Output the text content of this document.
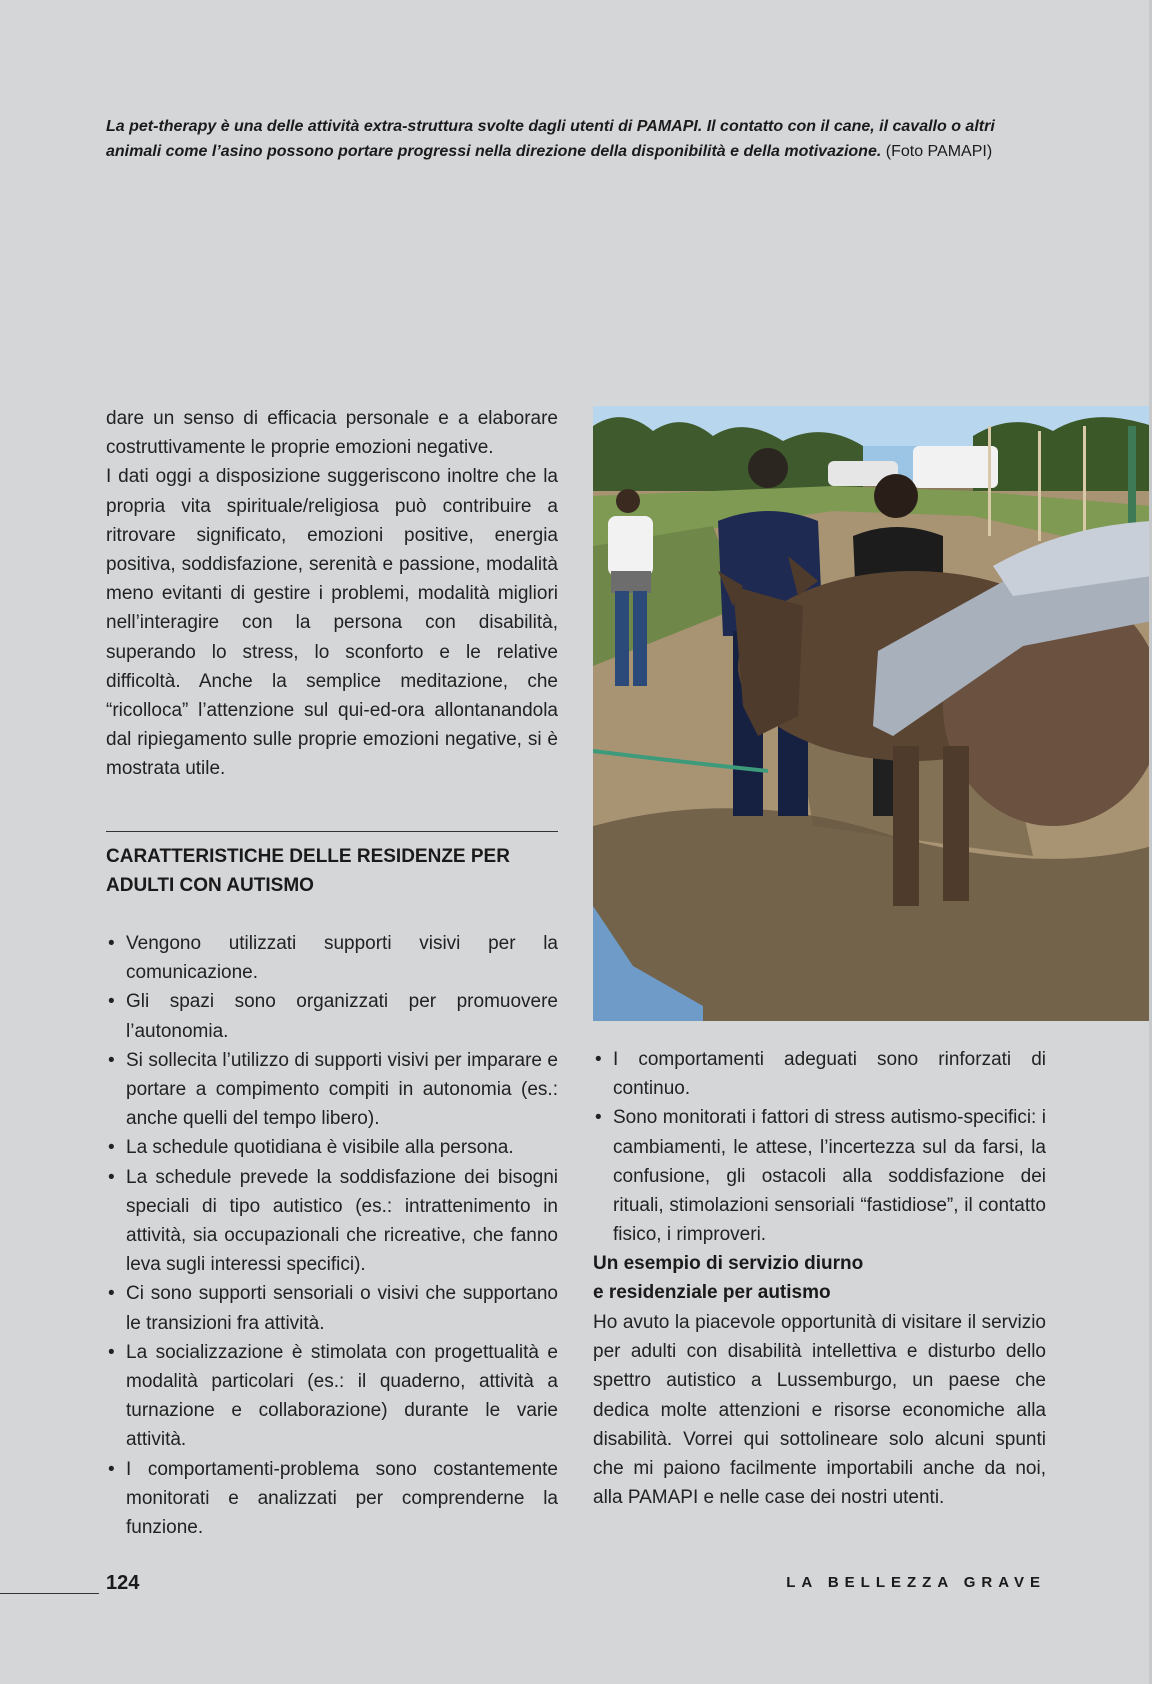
La pet-therapy è una delle attività extra-struttura svolte dagli utenti di PAMAPI. Il contatto con il cane, il cavallo o altri animali come l’asino possono portare progressi nella direzione della disponibilità e della motivazione. (Foto PAMAPI)

dare un senso di efficacia personale e a elaborare costruttivamente le proprie emozioni negative.

I dati oggi a disposizione suggeriscono inoltre che la propria vita spirituale/religiosa può contribuire a ritrovare significato, emozioni positive, energia positiva, soddisfazione, serenità e passione, modalità meno evitanti di gestire i problemi, modalità migliori nell’interagire con la persona con disabilità, superando lo stress, lo sconforto e le relative difficoltà. Anche la semplice meditazione, che “ricolloca” l’attenzione sul qui-ed-ora allontanandola dal ripiegamento sulle proprie emozioni negative, si è mostrata utile.

CARATTERISTICHE DELLE RESIDENZE PER ADULTI CON AUTISMO
• Vengono utilizzati supporti visivi per la comunicazione.
• Gli spazi sono organizzati per promuovere l’autonomia.
• Si sollecita l’utilizzo di supporti visivi per imparare e portare a compimento compiti in autonomia (es.: anche quelli del tempo libero).
• La schedule quotidiana è visibile alla persona.
• La schedule prevede la soddisfazione dei bisogni speciali di tipo autistico (es.: intrattenimento in attività, sia occupazionali che ricreative, che fanno leva sugli interessi specifici).
• Ci sono supporti sensoriali o visivi che supportano le transizioni fra attività.
• La socializzazione è stimolata con progettualità e modalità particolari (es.: il quaderno, attività a turnazione e collaborazione) durante le varie attività.
• I comportamenti-problema sono costantemente monitorati e analizzati per comprenderne la funzione.
• I comportamenti adeguati sono rinforzati di continuo.
• Sono monitorati i fattori di stress autismo-specifici: i cambiamenti, le attese, l’incertezza sul da farsi, la confusione, gli ostacoli alla soddisfazione dei rituali, stimolazioni sensoriali “fastidiose”, il contatto fisico, i rimproveri.
Un esempio di servizio diurno
e residenziale per autismo

Ho avuto la piacevole opportunità di visitare il servizio per adulti con disabilità intellettiva e disturbo dello spettro autistico a Lussemburgo, un paese che dedica molte attenzioni e risorse economiche alla disabilità. Vorrei qui sottolineare solo alcuni spunti che mi paiono facilmente importabili anche da noi, alla PAMAPI e nelle case dei nostri utenti.

124	LA BELLEZZA GRAVE
